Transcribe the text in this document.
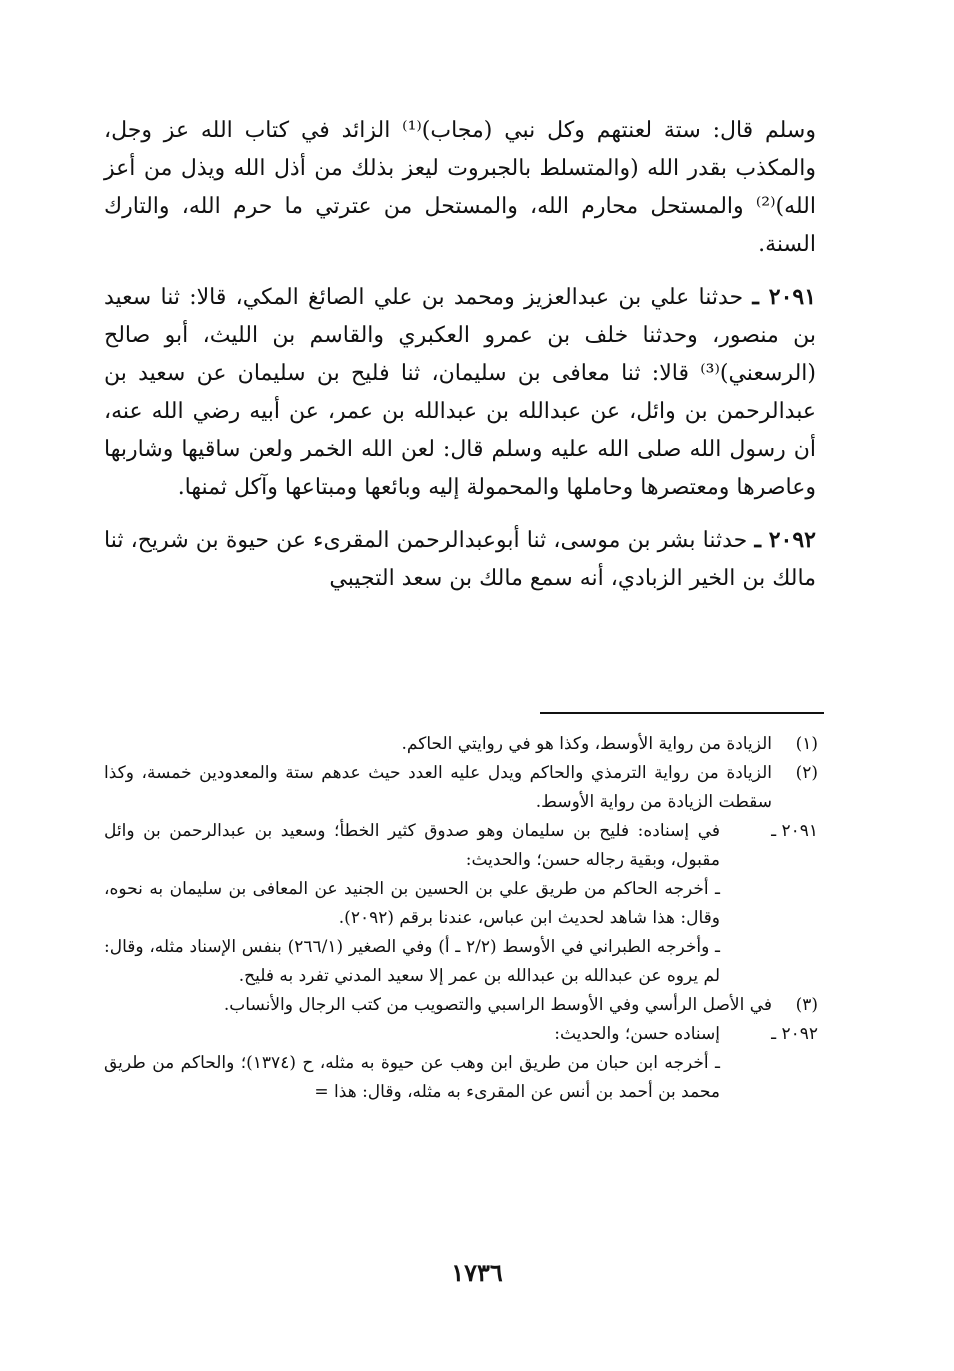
وسلم قال: ستة لعنتهم وكل نبي (مجاب)⁽¹⁾ الزائد في كتاب الله عز وجل، والمكذب بقدر الله (والمتسلط بالجبروت ليعز بذلك من أذل الله ويذل من أعز الله)⁽²⁾ والمستحل محارم الله، والمستحل من عترتي ما حرم الله، والتارك السنة.

٢٠٩١ ـ حدثنا علي بن عبدالعزيز ومحمد بن علي الصائغ المكي، قالا: ثنا سعيد بن منصور، وحدثنا خلف بن عمرو العكبري والقاسم بن الليث، أبو صالح (الرسعني)⁽³⁾ قالا: ثنا معافى بن سليمان، ثنا فليح بن سليمان عن سعيد بن عبدالرحمن بن وائل، عن عبدالله بن عبدالله بن عمر، عن أبيه رضي الله عنه، أن رسول الله صلى الله عليه وسلم قال: لعن الله الخمر ولعن ساقيها وشاربها وعاصرها ومعتصرها وحاملها والمحمولة إليه وبائعها ومبتاعها وآكل ثمنها.

٢٠٩٢ ـ حدثنا بشر بن موسى، ثنا أبوعبدالرحمن المقرىء عن حيوة بن شريح، ثنا مالك بن الخير الزبادي، أنه سمع مالك بن سعد التجيبي

(١)
الزيادة من رواية الأوسط، وكذا هو في روايتي الحاكم.

(٢)
الزيادة من رواية الترمذي والحاكم ويدل عليه العدد حيث عدهم ستة والمعدودين خمسة، وكذا سقطت الزيادة من رواية الأوسط.

٢٠٩١ ـ
في إسناده: فليح بن سليمان وهو صدوق كثير الخطأ؛ وسعيد بن عبدالرحمن بن وائل مقبول، وبقية رجاله حسن؛ والحديث:

ـ أخرجه الحاكم من طريق علي بن الحسين بن الجنيد عن المعافى بن سليمان به نحوه، وقال: هذا شاهد لحديث ابن عباس، عندنا برقم (٢٠٩٢).

ـ وأخرجه الطبراني في الأوسط (٢/٢ ـ أ) وفي الصغير (٢٦٦/١) بنفس الإسناد مثله، وقال: لم يروه عن عبدالله بن عبدالله بن عمر إلا سعيد المدني تفرد به فليح.

(٣)
في الأصل الرأسي وفي الأوسط الراسبي والتصويب من كتب الرجال والأنساب.

٢٠٩٢ ـ
إسناده حسن؛ والحديث:

ـ أخرجه ابن حبان من طريق ابن وهب عن حيوة به مثله، ح (١٣٧٤)؛ والحاكم من طريق محمد بن أحمد بن أنس عن المقرىء به مثله، وقال: هذا =

١٧٣٦
